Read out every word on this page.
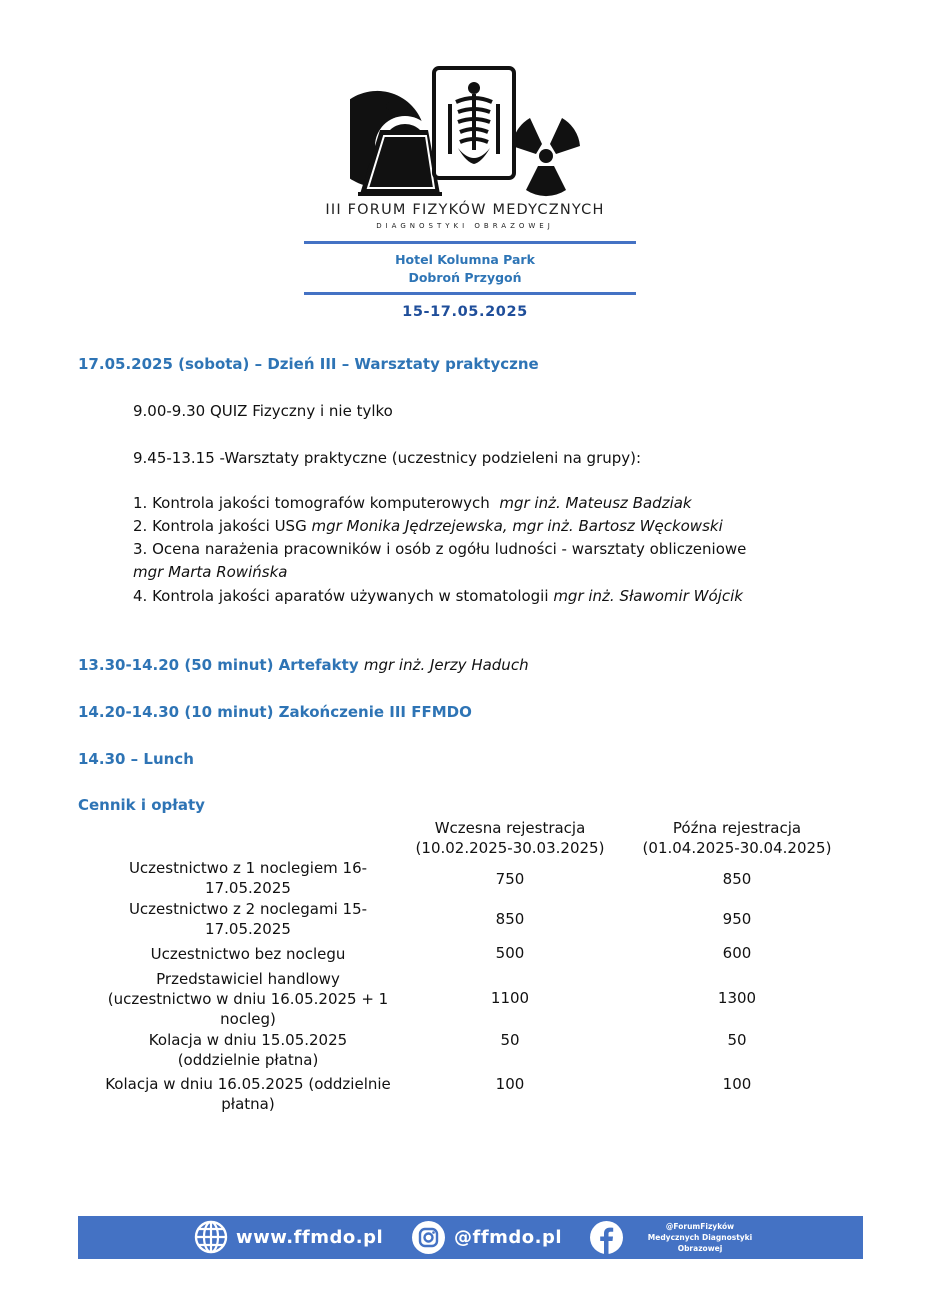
III FORUM FIZYKÓW MEDYCZNYCH
DIAGNOSTYKI OBRAZOWEJ
Hotel Kolumna Park
Dobroń Przygoń
15-17.05.2025
17.05.2025 (sobota) – Dzień III – Warsztaty praktyczne
9.00-9.30 QUIZ Fizyczny i nie tylko
9.45-13.15 -Warsztaty praktyczne (uczestnicy podzieleni na grupy):
1. Kontrola jakości tomografów komputerowych mgr inż. Mateusz Badziak
2. Kontrola jakości USG mgr Monika Jędrzejewska, mgr inż. Bartosz Węckowski
3. Ocena narażenia pracowników i osób z ogółu ludności - warsztaty obliczeniowe
mgr Marta Rowińska
4. Kontrola jakości aparatów używanych w stomatologii mgr inż. Sławomir Wójcik
13.30-14.20 (50 minut) Artefakty mgr inż. Jerzy Haduch
14.20-14.30 (10 minut) Zakończenie III FFMDO
14.30 – Lunch
Cennik i opłaty
Wczesna rejestracja
(10.02.2025-30.03.2025)
Późna rejestracja
(01.04.2025-30.04.2025)
Uczestnictwo z 1 noclegiem 16-
17.05.2025	750	850
Uczestnictwo z 2 noclegami 15-
17.05.2025
850	950
Uczestnictwo bez noclegu	500	600
Przedstawiciel handlowy
(uczestnictwo w dniu 16.05.2025 + 1
nocleg)
1100	1300
Kolacja w dniu 15.05.2025
(oddzielnie płatna)
50	50
Kolacja w dniu 16.05.2025 (oddzielnie
płatna)
100	100
www.ffmdo.pl	@ffmdo.pl
@ForumFizyków
Medycznych Diagnostyki
Obrazowej
